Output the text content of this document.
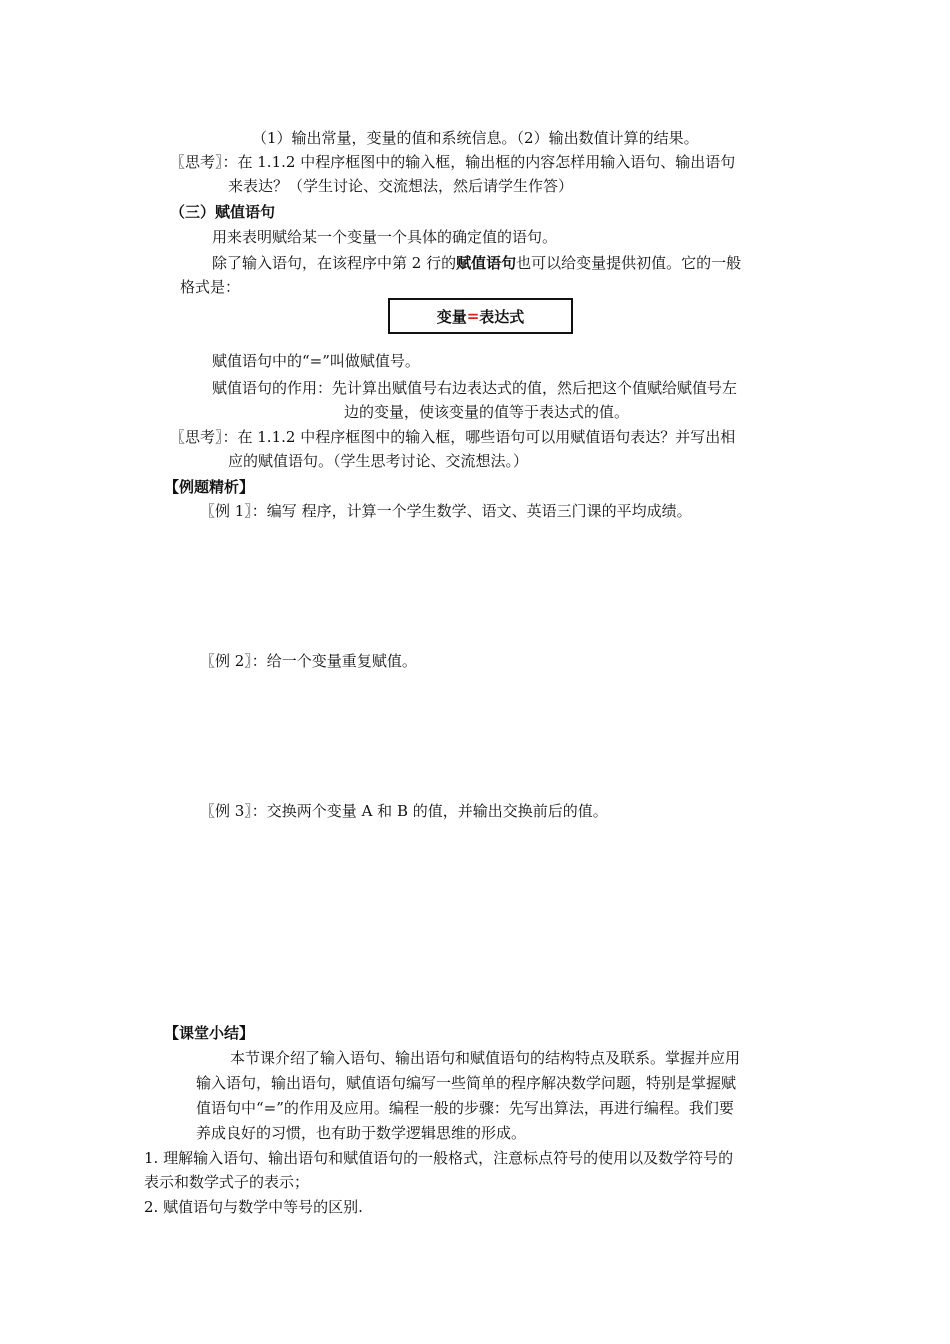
（1）输出常量，变量的值和系统信息。（2）输出数值计算的结果。
〖思考〗：在 1.1.2 中程序框图中的输入框，输出框的内容怎样用输入语句、输出语句
来表达？（学生讨论、交流想法，然后请学生作答）
（三）赋值语句
用来表明赋给某一个变量一个具体的确定值的语句。
除了输入语句，在该程序中第 2 行的赋值语句也可以给变量提供初值。它的一般
格式是：
变量 = 表达式
赋值语句中的“=”叫做赋值号。
赋值语句的作用：先计算出赋值号右边表达式的值，然后把这个值赋给赋值号左
边的变量，使该变量的值等于表达式的值。
〖思考〗：在 1.1.2 中程序框图中的输入框，哪些语句可以用赋值语句表达？并写出相
应的赋值语句。（学生思考讨论、交流想法。）
【例题精析】
〖例 1〗：编写 程序，计算一个学生数学、语文、英语三门课的平均成绩。
〖例 2〗：给一个变量重复赋值。
〖例 3〗：交换两个变量 A 和 B 的值，并输出交换前后的值。
【课堂小结】
本节课介绍了输入语句、输出语句和赋值语句的结构特点及联系。掌握并应用
输入语句，输出语句，赋值语句编写一些简单的程序解决数学问题，特别是掌握赋
值语句中“=”的作用及应用。编程一般的步骤：先写出算法，再进行编程。我们要
养成良好的习惯，也有助于数学逻辑思维的形成。
1. 理解输入语句、输出语句和赋值语句的一般格式，注意标点符号的使用以及数学符号的
表示和数学式子的表示；
2. 赋值语句与数学中等号的区别.
